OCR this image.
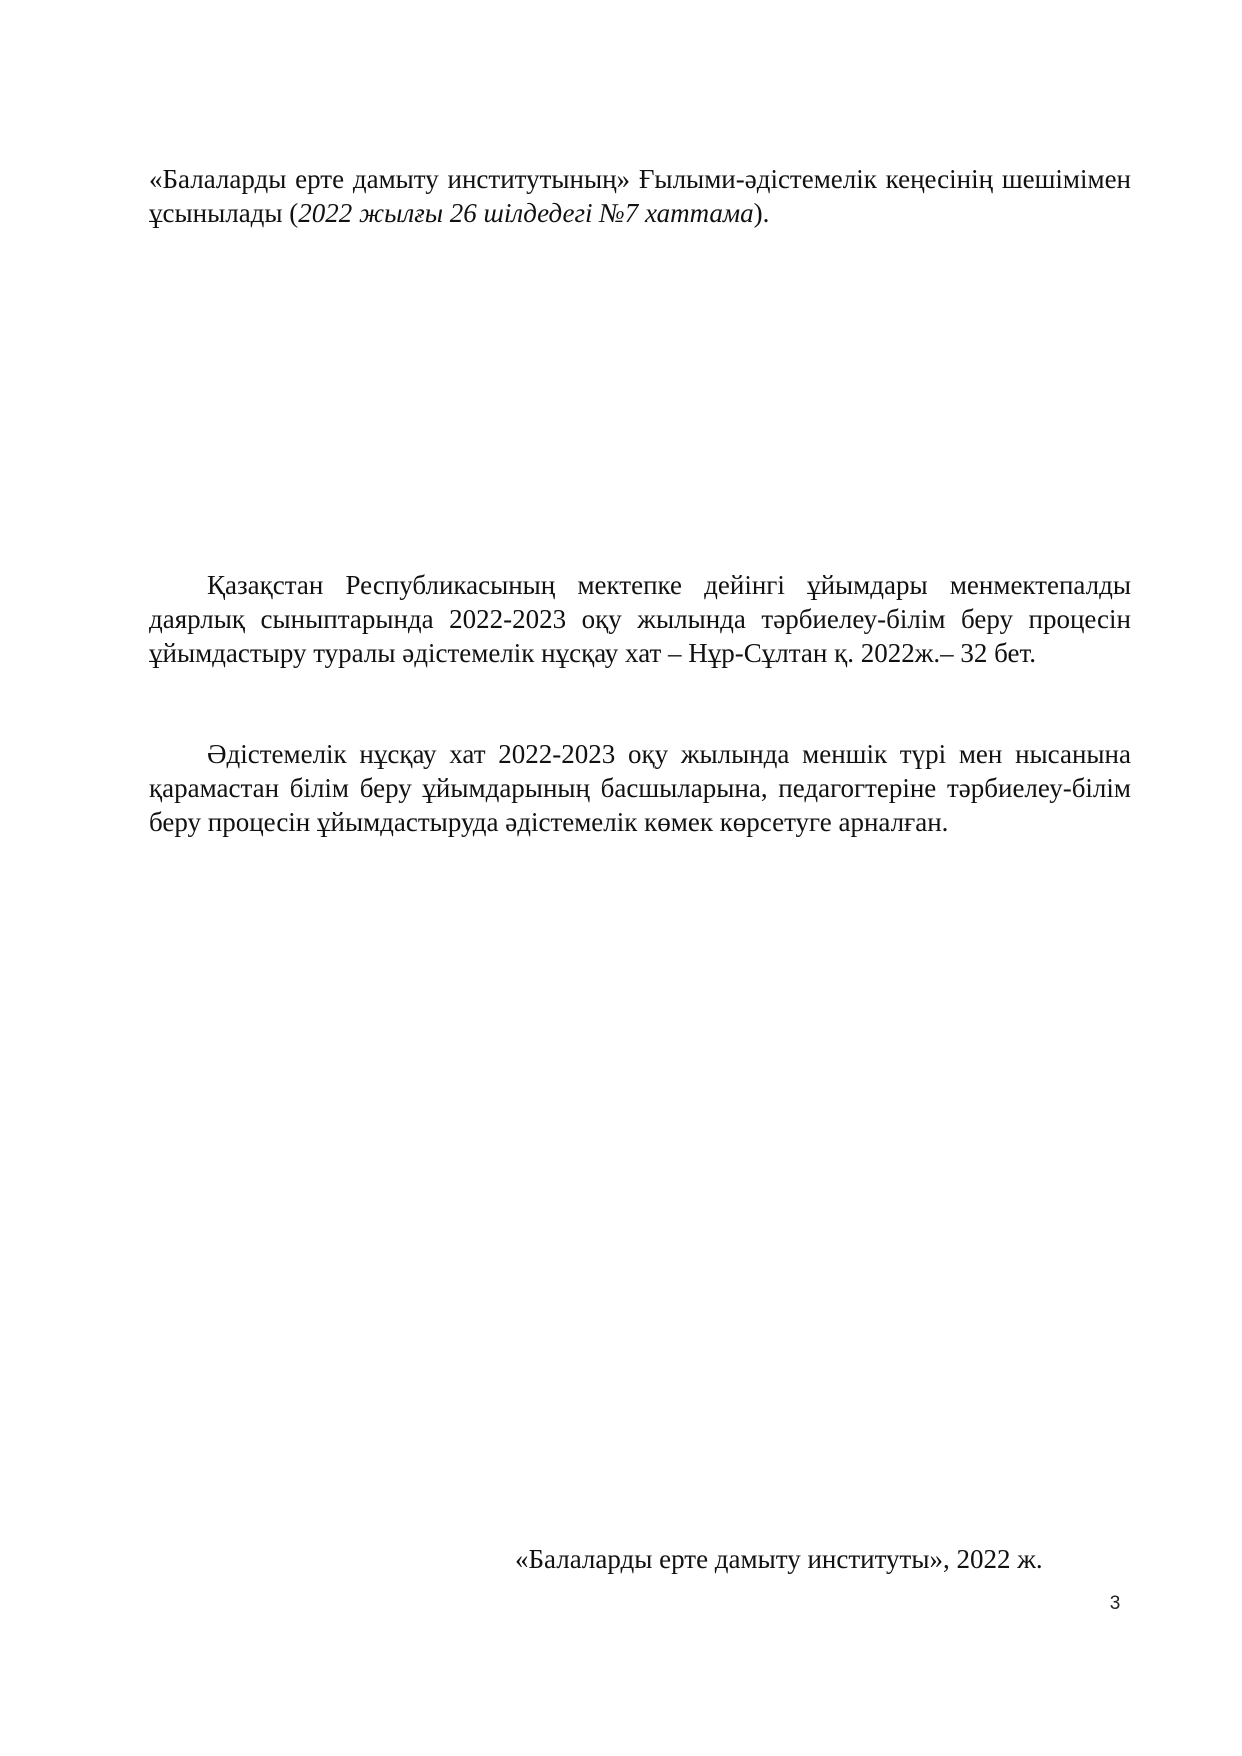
«Балаларды ерте дамыту институтының» Ғылыми-әдістемелік кеңесінің шешімімен ұсынылады (2022 жылғы 26 шілдедегі №7 хаттама).

Қазақстан Республикасының мектепке дейінгі ұйымдары менмектепалды даярлық сыныптарында 2022-2023 оқу жылында тәрбиелеу-білім беру процесін ұйымдастыру туралы әдістемелік нұсқау хат – Нұр-Сұлтан қ. 2022ж.– 32 бет.

Әдістемелік нұсқау хат 2022-2023 оқу жылында меншік түрі мен нысанына қарамастан білім беру ұйымдарының басшыларына, педагогтеріне тәрбиелеу-білім беру процесін ұйымдастыруда әдістемелік көмек көрсетуге арналған.

«Балаларды ерте дамыту институты», 2022 ж.
3
